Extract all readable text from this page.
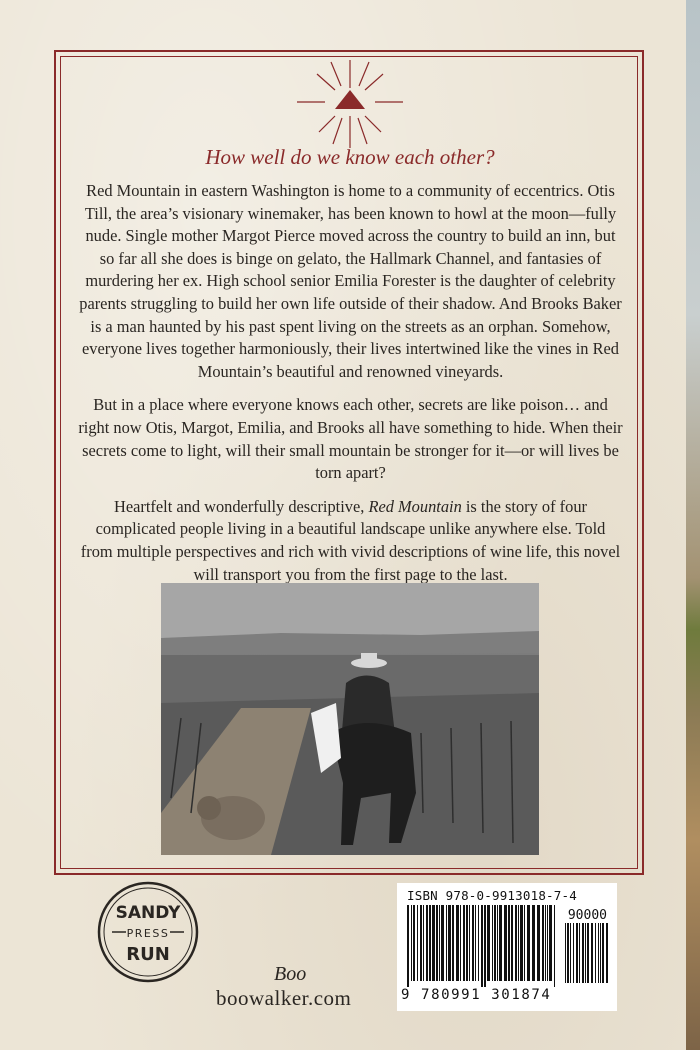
How well do we know each other?

Red Mountain in eastern Washington is home to a community of eccentrics. Otis Till, the area’s visionary winemaker, has been known to howl at the moon—fully nude. Single mother Margot Pierce moved across the country to build an inn, but so far all she does is binge on gelato, the Hallmark Channel, and fantasies of murdering her ex. High school senior Emilia Forester is the daughter of celebrity parents struggling to build her own life outside of their shadow. And Brooks Baker is a man haunted by his past spent living on the streets as an orphan. Somehow, everyone lives together harmoniously, their lives intertwined like the vines in Red Mountain’s beautiful and renowned vineyards.

But in a place where everyone knows each other, secrets are like poison… and right now Otis, Margot, Emilia, and Brooks all have something to hide. When their secrets come to light, will their small mountain be stronger for it—or will lives be torn apart?

Heartfelt and wonderfully descriptive, Red Mountain is the story of four complicated people living in a beautiful landscape unlike anywhere else. Told from multiple perspectives and rich with vivid descriptions of wine life, this novel will transport you from the first page to the last.

SANDY
PRESS
RUN
Boo
boowalker.com
ISBN 978-0-9913018-7-4
90000
9 780991 301874
